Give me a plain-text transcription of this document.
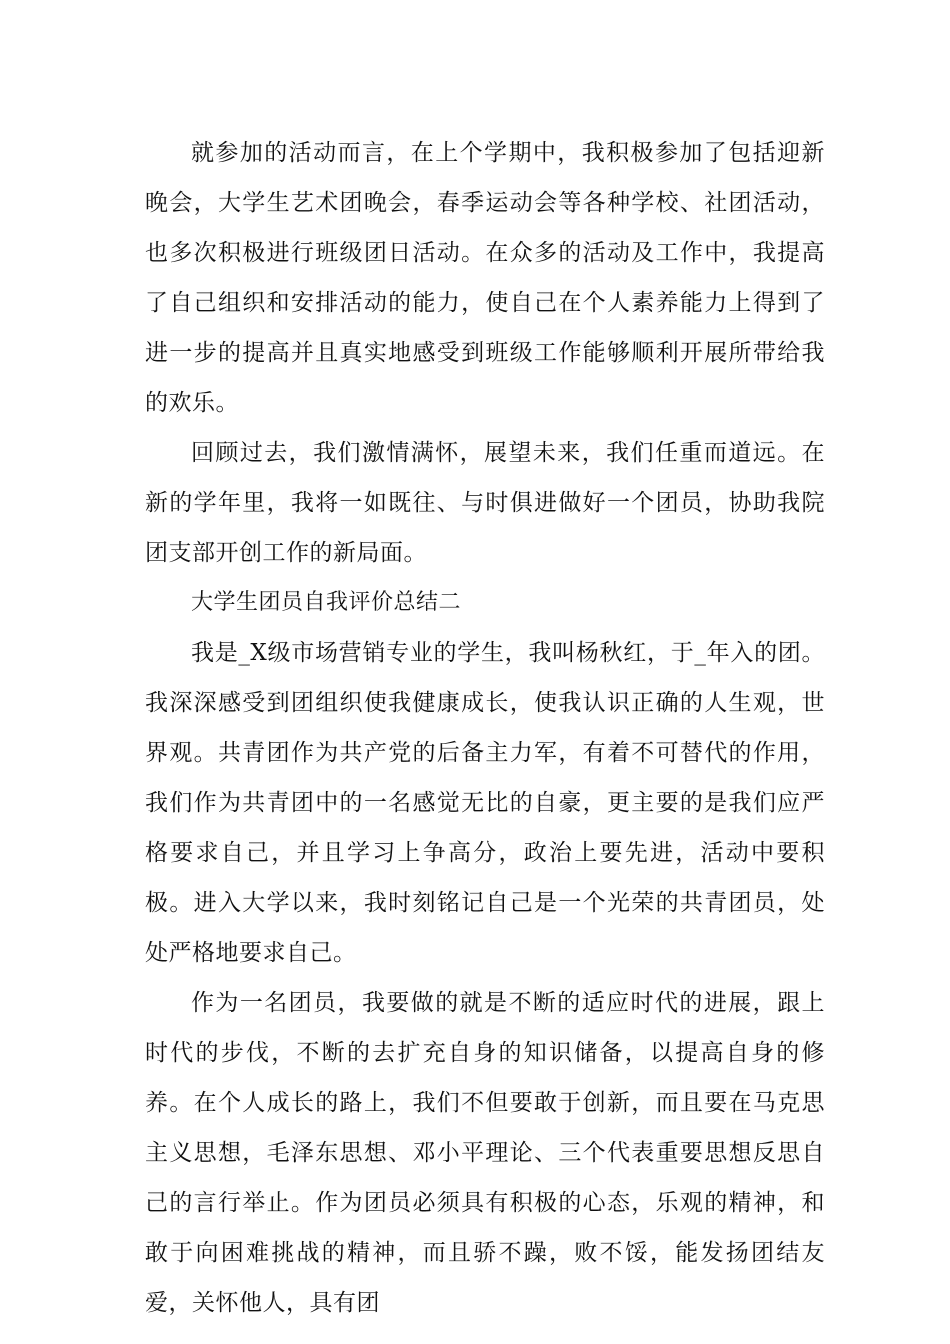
就参加的活动而言，在上个学期中，我积极参加了包括迎新晚会，大学生艺术团晚会，春季运动会等各种学校、社团活动，也多次积极进行班级团日活动。在众多的活动及工作中，我提高了自己组织和安排活动的能力，使自己在个人素养能力上得到了进一步的提高并且真实地感受到班级工作能够顺利开展所带给我的欢乐。

回顾过去，我们激情满怀，展望未来，我们任重而道远。在新的学年里，我将一如既往、与时俱进做好一个团员，协助我院团支部开创工作的新局面。

大学生团员自我评价总结二

我是_X级市场营销专业的学生，我叫杨秋红，于_年入的团。我深深感受到团组织使我健康成长，使我认识正确的人生观，世界观。共青团作为共产党的后备主力军，有着不可替代的作用，我们作为共青团中的一名感觉无比的自豪，更主要的是我们应严格要求自己，并且学习上争高分，政治上要先进，活动中要积极。进入大学以来，我时刻铭记自己是一个光荣的共青团员，处处严格地要求自己。

作为一名团员，我要做的就是不断的适应时代的进展，跟上时代的步伐，不断的去扩充自身的知识储备，以提高自身的修养。在个人成长的路上，我们不但要敢于创新，而且要在马克思主义思想，毛泽东思想、邓小平理论、三个代表重要思想反思自己的言行举止。作为团员必须具有积极的心态，乐观的精神，和敢于向困难挑战的精神，而且骄不躁，败不馁，能发扬团结友爱，关怀他人，具有团
